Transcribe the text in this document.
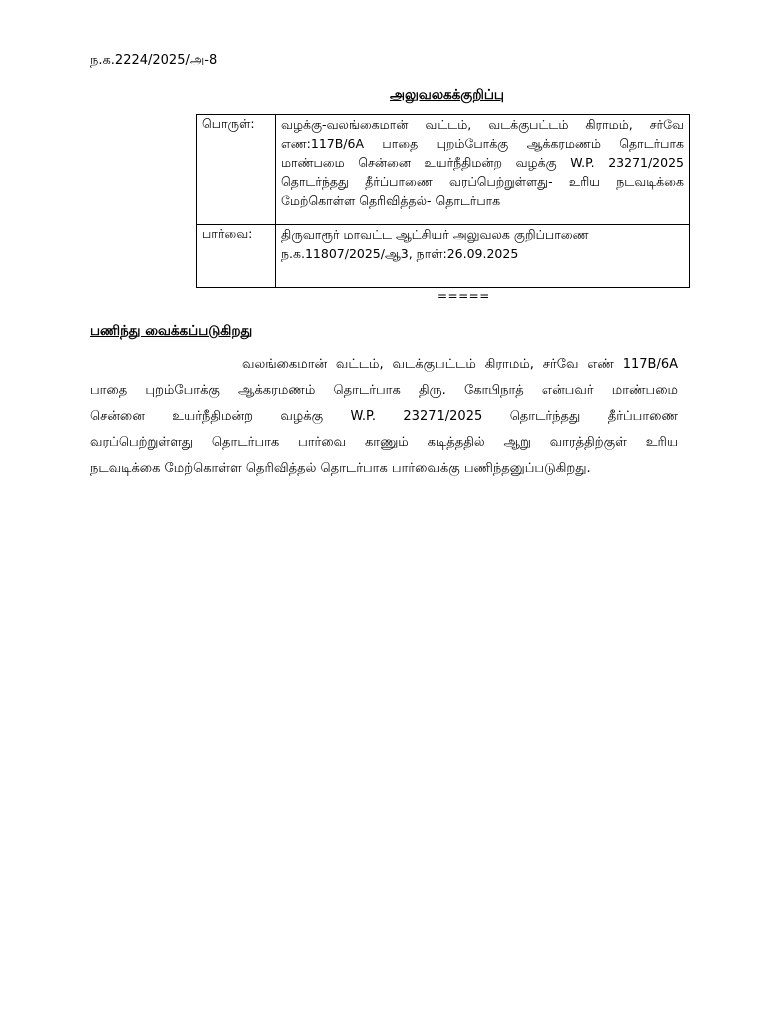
ந.க.2224/2025/அ-8
அலுவலகக்குறிப்பு
பொருள்:	வழக்கு-வலங்கைமான் வட்டம், வடக்குபட்டம் கிராமம், சர்வே
எண:117B/6A பாதை புறம்போக்கு ஆக்கரமணம் தொடர்பாக
மாண்பமை சென்னை உயர்நீதிமன்ற வழக்கு W.P. 23271/2025
தொடர்ந்தது தீர்ப்பாணை வரப்பெற்றுள்ளது- உரிய நடவடிக்கை
மேற்கொள்ள தெரிவித்தல்- தொடர்பாக

பார்வை:	திருவாரூர் மாவட்ட ஆட்சியர் அலுவலக குறிப்பாணை
ந.க.11807/2025/ஆ3, நாள்:26.09.2025
=====
பணிந்து வைக்கப்படுகிறது
வலங்கைமான் வட்டம், வடக்குபட்டம் கிராமம், சர்வே எண் 117B/6A
பாதை புறம்போக்கு ஆக்கரமணம் தொடர்பாக திரு. கோபிநாத் என்பவர் மாண்பமை
சென்னை உயர்நீதிமன்ற வழக்கு W.P. 23271/2025 தொடர்ந்தது தீர்ப்பாணை
வரப்பெற்றுள்ளது தொடர்பாக பார்வை காணும் கடித்ததில் ஆறு வாரத்திற்குள் உரிய
நடவடிக்கை மேற்கொள்ள தெரிவித்தல் தொடர்பாக பார்வைக்கு பணிந்தனுப்படுகிறது.
